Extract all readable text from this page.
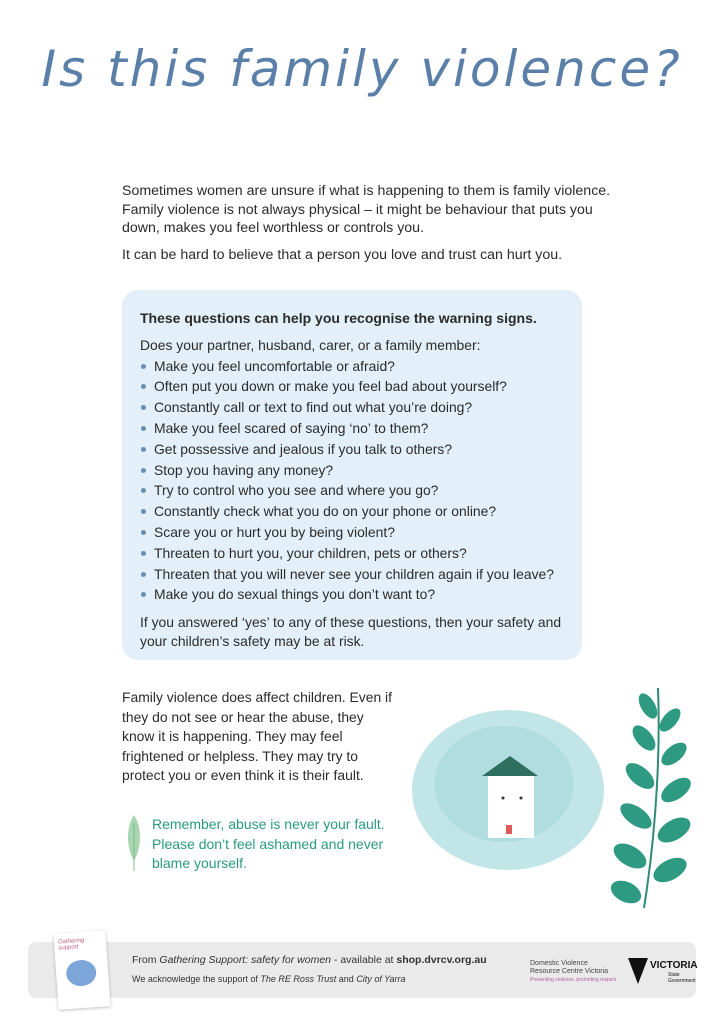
Is this family violence?

Sometimes women are unsure if what is happening to them is family violence. Family violence is not always physical – it might be behaviour that puts you down, makes you feel worthless or controls you.

It can be hard to believe that a person you love and trust can hurt you.

These questions can help you recognise the warning signs.
Does your partner, husband, carer, or a family member:
Make you feel uncomfortable or afraid?
Often put you down or make you feel bad about yourself?
Constantly call or text to find out what you’re doing?
Make you feel scared of saying ‘no’ to them?
Get possessive and jealous if you talk to others?
Stop you having any money?
Try to control who you see and where you go?
Constantly check what you do on your phone or online?
Scare you or hurt you by being violent?
Threaten to hurt you, your children, pets or others?
Threaten that you will never see your children again if you leave?
Make you do sexual things you don’t want to?

If you answered ‘yes’ to any of these questions, then your safety and your children’s safety may be at risk.

Family violence does affect children. Even if they do not see or hear the abuse, they know it is happening. They may feel frightened or helpless. They may try to protect you or even think it is their fault.

Remember, abuse is never your fault. Please don’t feel ashamed and never blame yourself.

Gathering support
From Gathering Support: safety for women - available at shop.dvrcv.org.au
We acknowledge the support of The RE Ross Trust and City of Yarra
Domestic Violence
Resource Centre Victoria
Preventing violence, promoting respect
VICTORIA
State
Government
